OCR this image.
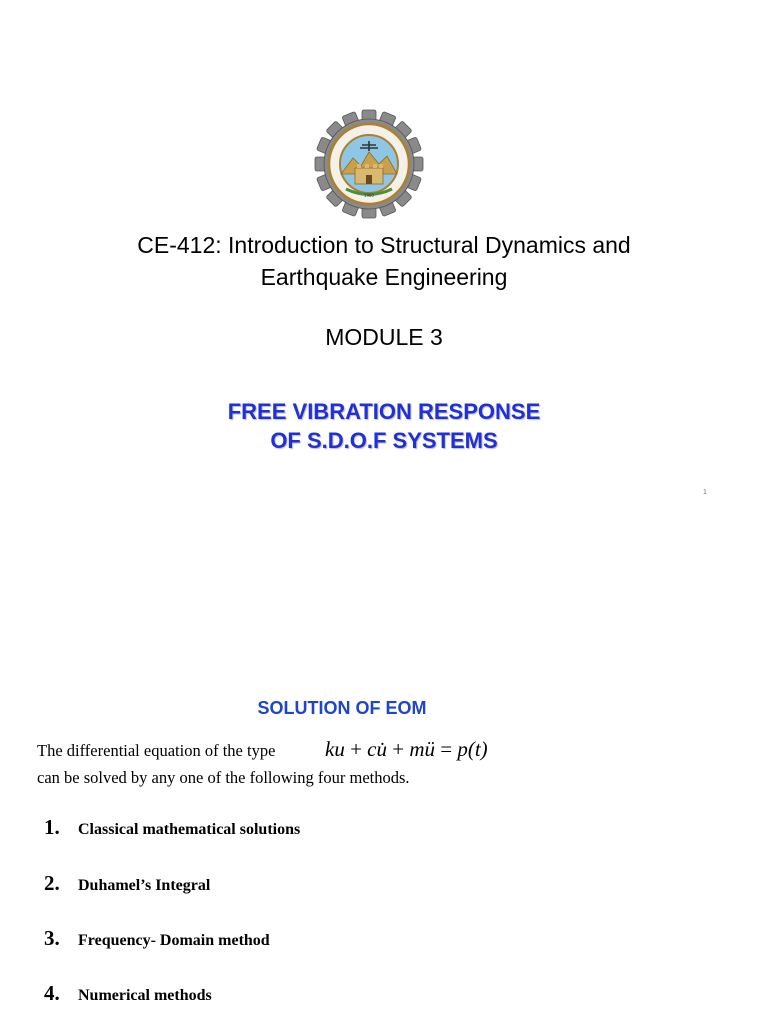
1980
CE-412: Introduction to Structural Dynamics and
Earthquake Engineering
MODULE 3
FREE VIBRATION RESPONSE
OF S.D.O.F SYSTEMS
1
SOLUTION OF EOM
The differential equation of the type ku + cu̇ + mü = p(t)
can be solved by any one of the following four methods.
1.	Classical mathematical solutions
2.	Duhamel’s Integral
3.	Frequency- Domain method
4.	Numerical methods
